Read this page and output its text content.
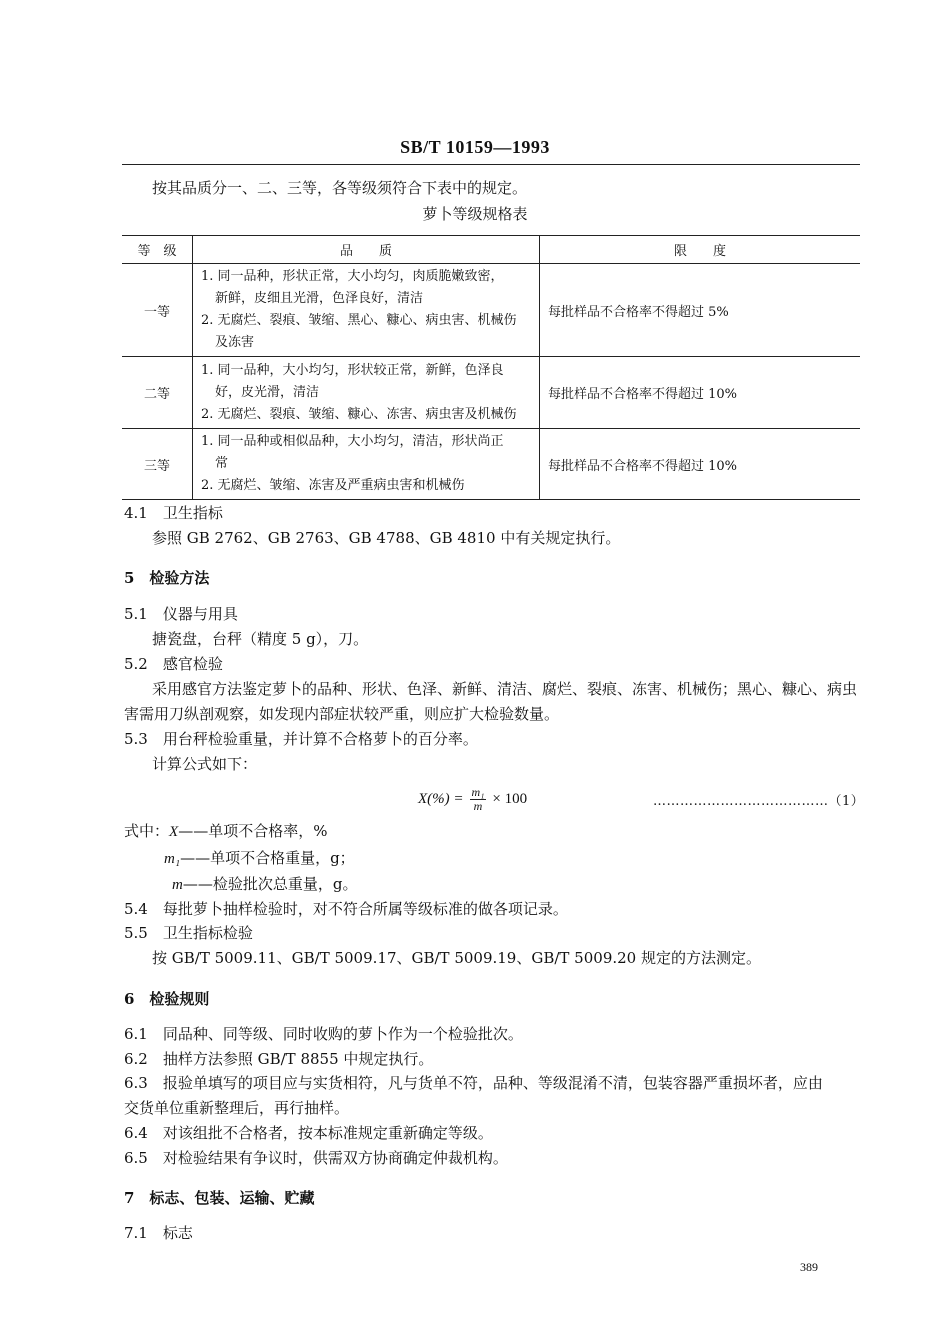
SB/T 10159—1993
按其品质分一、二、三等，各等级须符合下表中的规定。
萝卜等级规格表
等　级	品　　质	限　　度
一等	1. 同一品种，形状正常，大小均匀，肉质脆嫩致密，
新鲜，皮细且光滑，色泽良好，清洁
2. 无腐烂、裂痕、皱缩、黑心、糠心、病虫害、机械伤
及冻害	每批样品不合格率不得超过 5%
二等	1. 同一品种，大小均匀，形状较正常，新鲜，色泽良
好，皮光滑，清洁
2. 无腐烂、裂痕、皱缩、糠心、冻害、病虫害及机械伤	每批样品不合格率不得超过 10%
三等	1. 同一品种或相似品种，大小均匀，清洁，形状尚正
常
2. 无腐烂、皱缩、冻害及严重病虫害和机械伤	每批样品不合格率不得超过 10%
4.1　卫生指标
参照 GB 2762、GB 2763、GB 4788、GB 4810 中有关规定执行。
5　检验方法
5.1　仪器与用具
搪瓷盘，台秤（精度 5 g），刀。
5.2　感官检验
采用感官方法鉴定萝卜的品种、形状、色泽、新鲜、清洁、腐烂、裂痕、冻害、机械伤；黑心、糠心、病虫
害需用刀纵剖观察，如发现内部症状较严重，则应扩大检验数量。
5.3　用台秤检验重量，并计算不合格萝卜的百分率。
计算公式如下：
$X(\%) = \frac{\text{m₁}}{m} \times 100$	…………………………………（1）
式中：X——单项不合格率，%
m₁——单项不合格重量，g；
m——检验批次总重量，g。
5.4　每批萝卜抽样检验时，对不符合所属等级标准的做各项记录。
5.5　卫生指标检验
按 GB/T 5009.11、GB/T 5009.17、GB/T 5009.19、GB/T 5009.20 规定的方法测定。
6　检验规则
6.1　同品种、同等级、同时收购的萝卜作为一个检验批次。
6.2　抽样方法参照 GB/T 8855 中规定执行。
6.3　报验单填写的项目应与实货相符，凡与货单不符，品种、等级混淆不清，包装容器严重损坏者，应由
交货单位重新整理后，再行抽样。
6.4　对该组批不合格者，按本标准规定重新确定等级。
6.5　对检验结果有争议时，供需双方协商确定仲裁机构。
7　标志、包装、运输、贮藏
7.1　标志
389
